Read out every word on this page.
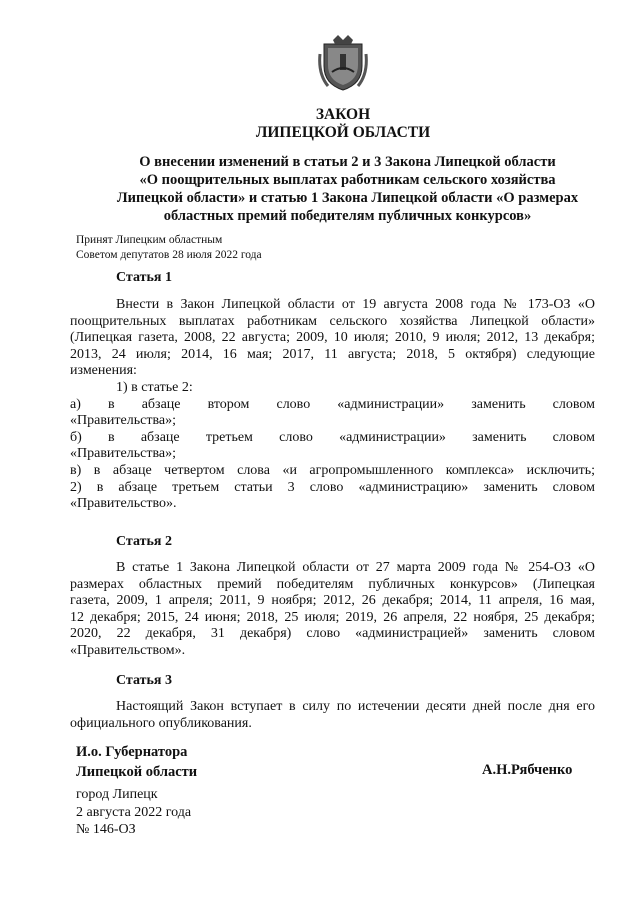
ЗАКОН
ЛИПЕЦКОЙ ОБЛАСТИ
О внесении изменений в статьи 2 и 3 Закона Липецкой области
«О поощрительных выплатах работникам сельского хозяйства
Липецкой области» и статью 1 Закона Липецкой области «О размерах
областных премий победителям публичных конкурсов»
Принят Липецким областным
Советом депутатов 28 июля 2022 года
Статья 1
Внести в Закон Липецкой области от 19 августа 2008 года № 173-ОЗ «О
поощрительных выплатах работникам сельского хозяйства Липецкой области»
(Липецкая газета, 2008, 22 августа; 2009, 10 июля; 2010, 9 июля; 2012, 13 декабря;
2013, 24 июля; 2014, 16 мая; 2017, 11 августа; 2018, 5 октября) следующие
изменения:
1) в статье 2:
а) в абзаце втором слово «администрации» заменить словом
«Правительства»;
б) в абзаце третьем слово «администрации» заменить словом
«Правительства»;
в) в абзаце четвертом слова «и агропромышленного комплекса» исключить;
2) в абзаце третьем статьи 3 слово «администрацию» заменить словом
«Правительство».
Статья 2
В статье 1 Закона Липецкой области от 27 марта 2009 года № 254-ОЗ «О
размерах областных премий победителям публичных конкурсов» (Липецкая
газета, 2009, 1 апреля; 2011, 9 ноября; 2012, 26 декабря; 2014, 11 апреля, 16 мая,
12 декабря; 2015, 24 июня; 2018, 25 июля; 2019, 26 апреля, 22 ноября, 25 декабря;
2020, 22 декабря, 31 декабря) слово «администрацией» заменить словом
«Правительством».
Статья 3
Настоящий Закон вступает в силу по истечении десяти дней после дня его
официального опубликования.
И.о. Губернатора
Липецкой области	А.Н.Рябченко
город Липецк
2 августа 2022 года
№ 146-ОЗ
